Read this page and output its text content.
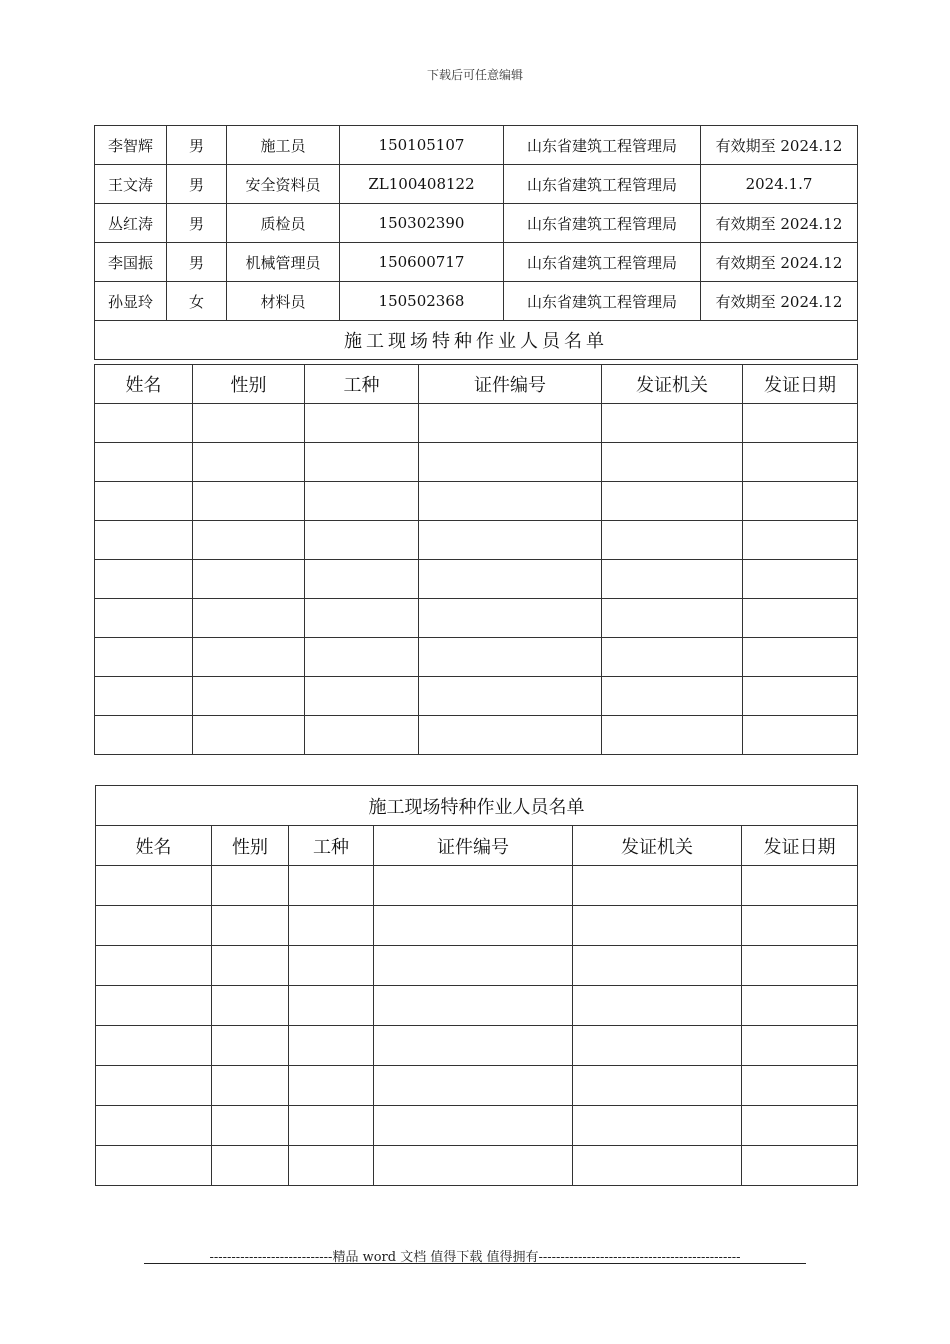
下载后可任意编辑
李智辉	男	施工员	150105107	山东省建筑工程管理局	有效期至 2024.12
王文涛	男	安全资料员	ZL100408122	山东省建筑工程管理局	2024.1.7
丛红涛	男	质检员	150302390	山东省建筑工程管理局	有效期至 2024.12
李国振	男	机械管理员	150600717	山东省建筑工程管理局	有效期至 2024.12
孙显玲	女	材料员	150502368	山东省建筑工程管理局	有效期至 2024.12
施工现场特种作业人员名单					
姓名	性别	工种	证件编号	发证机关	发证日期

施工现场特种作业人员名单					
姓名	性别	工种	证件编号	发证机关	发证日期

----------------------------精品 word 文档 值得下载 值得拥有----------------------------------------------
